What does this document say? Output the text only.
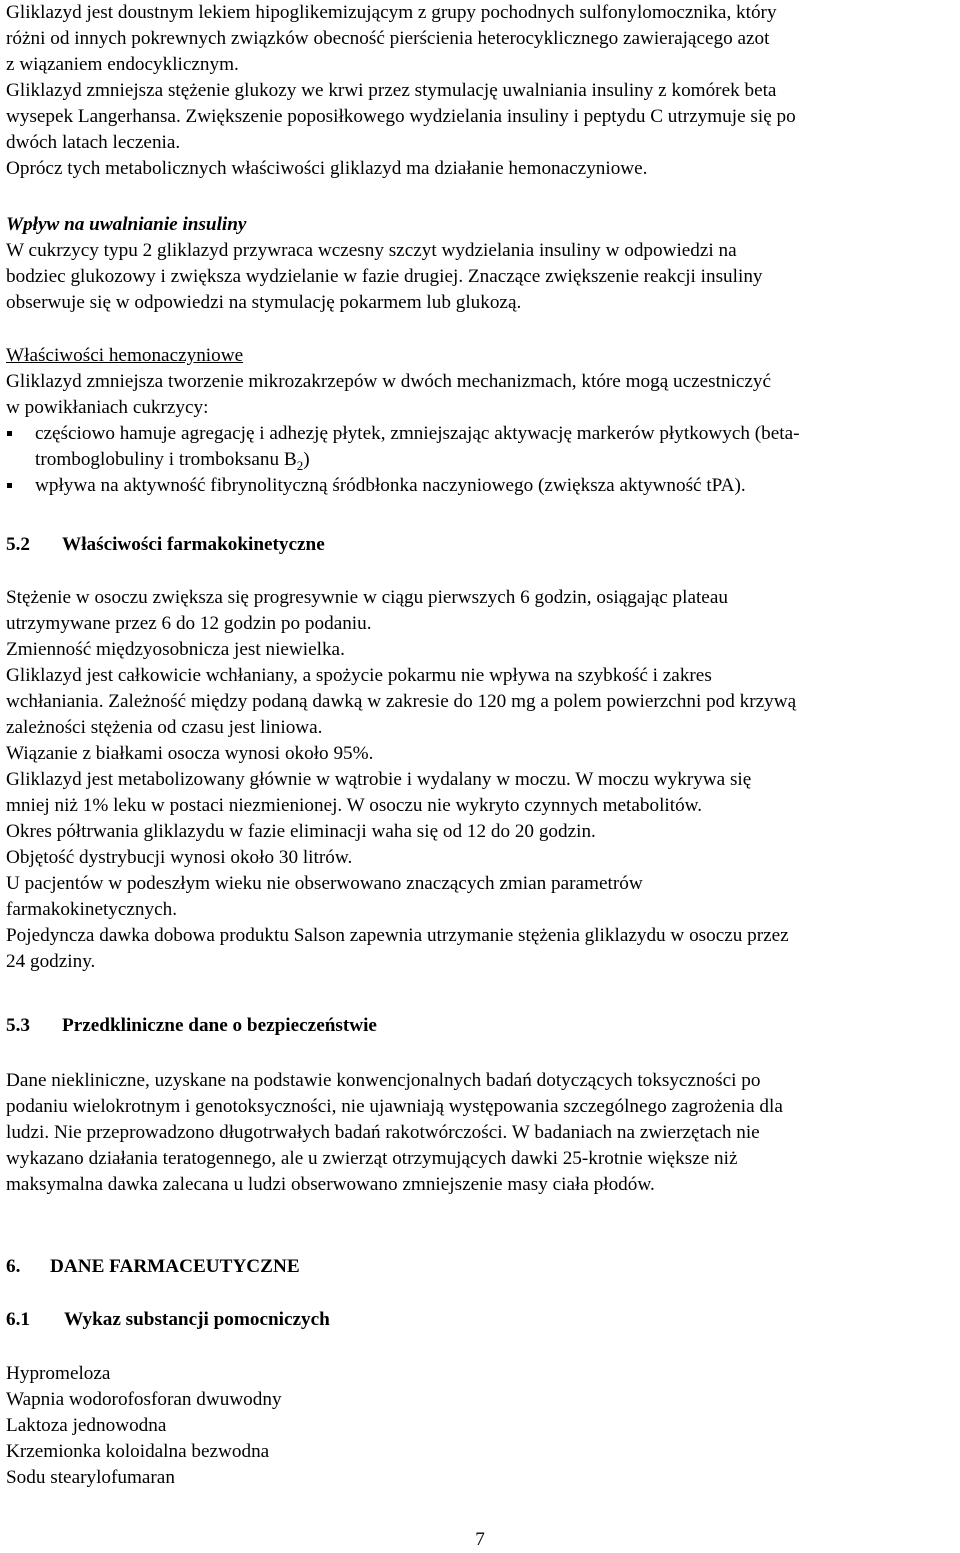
Gliklazyd jest doustnym lekiem hipoglikemizującym z grupy pochodnych sulfonylomocznika, który
różni od innych pokrewnych związków obecność pierścienia heterocyklicznego zawierającego azot
z wiązaniem endocyklicznym.
Gliklazyd zmniejsza stężenie glukozy we krwi przez stymulację uwalniania insuliny z komórek beta
wysepek Langerhansa. Zwiększenie poposiłkowego wydzielania insuliny i peptydu C utrzymuje się po
dwóch latach leczenia.
Oprócz tych metabolicznych właściwości gliklazyd ma działanie hemonaczyniowe.
Wpływ na uwalnianie insuliny
W cukrzycy typu 2 gliklazyd przywraca wczesny szczyt wydzielania insuliny w odpowiedzi na
bodziec glukozowy i zwiększa wydzielanie w fazie drugiej. Znaczące zwiększenie reakcji insuliny
obserwuje się w odpowiedzi na stymulację pokarmem lub glukozą.
Właściwości hemonaczyniowe
Gliklazyd zmniejsza tworzenie mikrozakrzepów w dwóch mechanizmach, które mogą uczestniczyć
w powikłaniach cukrzycy:
częściowo hamuje agregację i adhezję płytek, zmniejszając aktywację markerów płytkowych (beta-
tromboglobuliny i tromboksanu $B_2$)
wpływa na aktywność fibrynolityczną śródbłonka naczyniowego (zwiększa aktywność tPA).
5.2	Właściwości farmakokinetyczne
Stężenie w osoczu zwiększa się progresywnie w ciągu pierwszych 6 godzin, osiągając plateau
utrzymywane przez 6 do 12 godzin po podaniu.
Zmienność międzyosobnicza jest niewielka.
Gliklazyd jest całkowicie wchłaniany, a spożycie pokarmu nie wpływa na szybkość i zakres
wchłaniania. Zależność między podaną dawką w zakresie do 120 mg a polem powierzchni pod krzywą
zależności stężenia od czasu jest liniowa.
Wiązanie z białkami osocza wynosi około 95%.
Gliklazyd jest metabolizowany głównie w wątrobie i wydalany w moczu. W moczu wykrywa się
mniej niż 1% leku w postaci niezmienionej. W osoczu nie wykryto czynnych metabolitów.
Okres półtrwania gliklazydu w fazie eliminacji waha się od 12 do 20 godzin.
Objętość dystrybucji wynosi około 30 litrów.
U pacjentów w podeszłym wieku nie obserwowano znaczących zmian parametrów
farmakokinetycznych.
Pojedyncza dawka dobowa produktu Salson zapewnia utrzymanie stężenia gliklazydu w osoczu przez
24 godziny.
5.3	Przedkliniczne dane o bezpieczeństwie
Dane niekliniczne, uzyskane na podstawie konwencjonalnych badań dotyczących toksyczności po
podaniu wielokrotnym i genotoksyczności, nie ujawniają występowania szczególnego zagrożenia dla
ludzi. Nie przeprowadzono długotrwałych badań rakotwórczości. W badaniach na zwierzętach nie
wykazano działania teratogennego, ale u zwierząt otrzymujących dawki 25-krotnie większe niż
maksymalna dawka zalecana u ludzi obserwowano zmniejszenie masy ciała płodów.
6.	DANE FARMACEUTYCZNE
6.1	Wykaz substancji pomocniczych
Hypromeloza
Wapnia wodorofosforan dwuwodny
Laktoza jednowodna
Krzemionka koloidalna bezwodna
Sodu stearylofumaran
7
